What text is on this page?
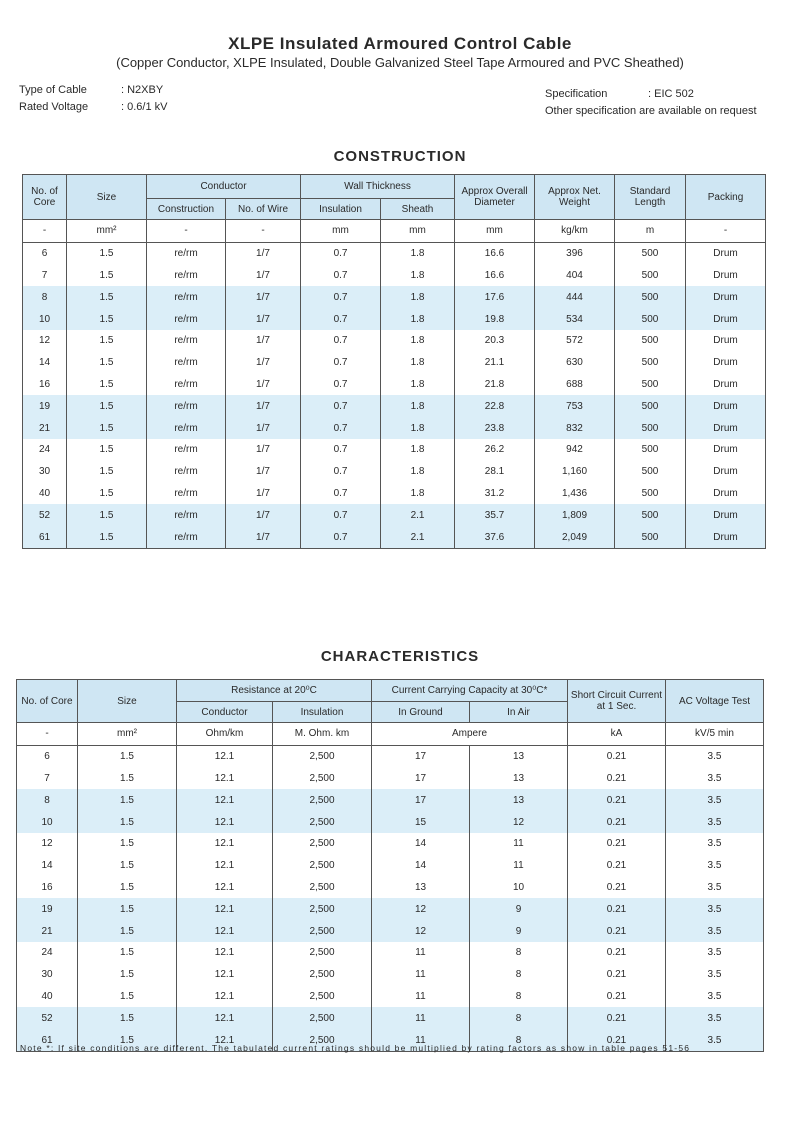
XLPE Insulated Armoured Control Cable
(Copper Conductor, XLPE Insulated, Double Galvanized Steel Tape Armoured and PVC Sheathed)
Type of Cable	: N2XBY
Rated Voltage	: 0.6/1 kV
Specification	: EIC 502
Other specification are available on request
CONSTRUCTION
No. of Core	Size	Conductor		Wall Thickness		Approx Overall Diameter	Approx Net. Weight	Standard Length	Packing
		Construction	No. of Wire	Insulation	Sheath				
-	mm²	-	-	mm	mm	mm	kg/km	m	-
6	1.5	re/rm	1/7	0.7	1.8	16.6	396	500	Drum
7	1.5	re/rm	1/7	0.7	1.8	16.6	404	500	Drum
8	1.5	re/rm	1/7	0.7	1.8	17.6	444	500	Drum
10	1.5	re/rm	1/7	0.7	1.8	19.8	534	500	Drum
12	1.5	re/rm	1/7	0.7	1.8	20.3	572	500	Drum
14	1.5	re/rm	1/7	0.7	1.8	21.1	630	500	Drum
16	1.5	re/rm	1/7	0.7	1.8	21.8	688	500	Drum
19	1.5	re/rm	1/7	0.7	1.8	22.8	753	500	Drum
21	1.5	re/rm	1/7	0.7	1.8	23.8	832	500	Drum
24	1.5	re/rm	1/7	0.7	1.8	26.2	942	500	Drum
30	1.5	re/rm	1/7	0.7	1.8	28.1	1,160	500	Drum
40	1.5	re/rm	1/7	0.7	1.8	31.2	1,436	500	Drum
52	1.5	re/rm	1/7	0.7	2.1	35.7	1,809	500	Drum
61	1.5	re/rm	1/7	0.7	2.1	37.6	2,049	500	Drum
CHARACTERISTICS
No. of Core	Size	Resistance at 20⁰C		Current Carrying Capacity at 30⁰C*		Short Circuit Current at 1 Sec.	AC Voltage Test
		Conductor	Insulation	In Ground	In Air		
-	mm²	Ohm/km	M. Ohm. km	Ampere		kA	kV/5 min
6	1.5	12.1	2,500	17	13	0.21	3.5
7	1.5	12.1	2,500	17	13	0.21	3.5
8	1.5	12.1	2,500	17	13	0.21	3.5
10	1.5	12.1	2,500	15	12	0.21	3.5
12	1.5	12.1	2,500	14	11	0.21	3.5
14	1.5	12.1	2,500	14	11	0.21	3.5
16	1.5	12.1	2,500	13	10	0.21	3.5
19	1.5	12.1	2,500	12	9	0.21	3.5
21	1.5	12.1	2,500	12	9	0.21	3.5
24	1.5	12.1	2,500	11	8	0.21	3.5
30	1.5	12.1	2,500	11	8	0.21	3.5
40	1.5	12.1	2,500	11	8	0.21	3.5
52	1.5	12.1	2,500	11	8	0.21	3.5
61	1.5	12.1	2,500	11	8	0.21	3.5
Note *: If site conditions are different. The tabulated current ratings should be multiplied by rating factors as show in table pages 51-56
